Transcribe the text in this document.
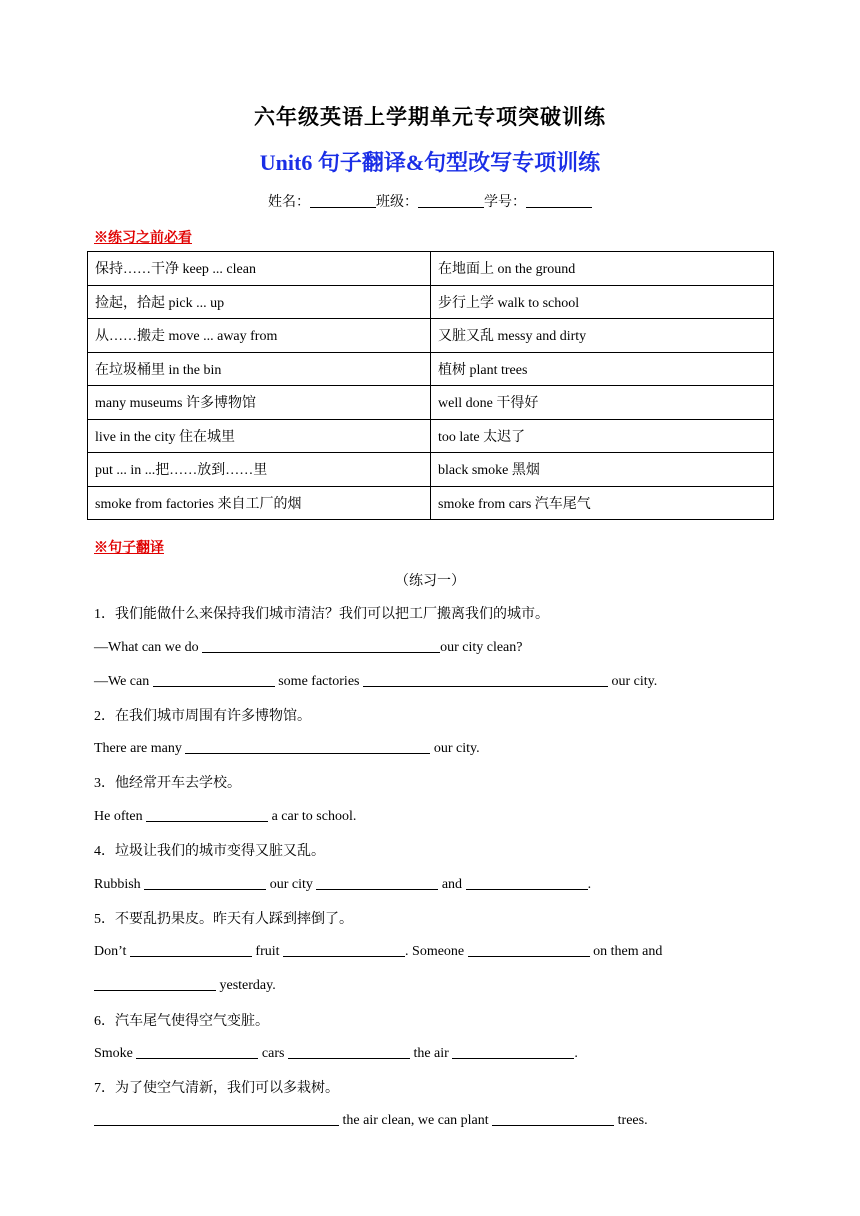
六年级英语上学期单元专项突破训练
Unit6 句子翻译&句型改写专项训练
姓名：	班级：	学号：
※练习之前必看
保持……干净 keep ... clean	在地面上 on the ground
捡起，拾起 pick ... up	步行上学 walk to school
从……搬走 move ... away from	又脏又乱 messy and dirty
在垃圾桶里 in the bin	植树 plant trees
many museums 许多博物馆	well done 干得好
live in the city 住在城里	too late 太迟了
put ... in ...把……放到……里	black smoke 黑烟
smoke from factories 来自工厂的烟	smoke from cars 汽车尾气
※句子翻译
（练习一）
1．我们能做什么来保持我们城市清洁？我们可以把工厂搬离我们的城市。
—What can we do	our city clean?
—We can	some factories	our city.
2．在我们城市周围有许多博物馆。
There are many	our city.
3．他经常开车去学校。
He often	a car to school.
4．垃圾让我们的城市变得又脏又乱。
Rubbish	our city	and	.
5．不要乱扔果皮。昨天有人踩到摔倒了。
Don’t	fruit	. Someone	on them and
yesterday.
6．汽车尾气使得空气变脏。
Smoke	cars	the air	.
7．为了使空气清新，我们可以多栽树。
the air clean, we can plant	trees.
